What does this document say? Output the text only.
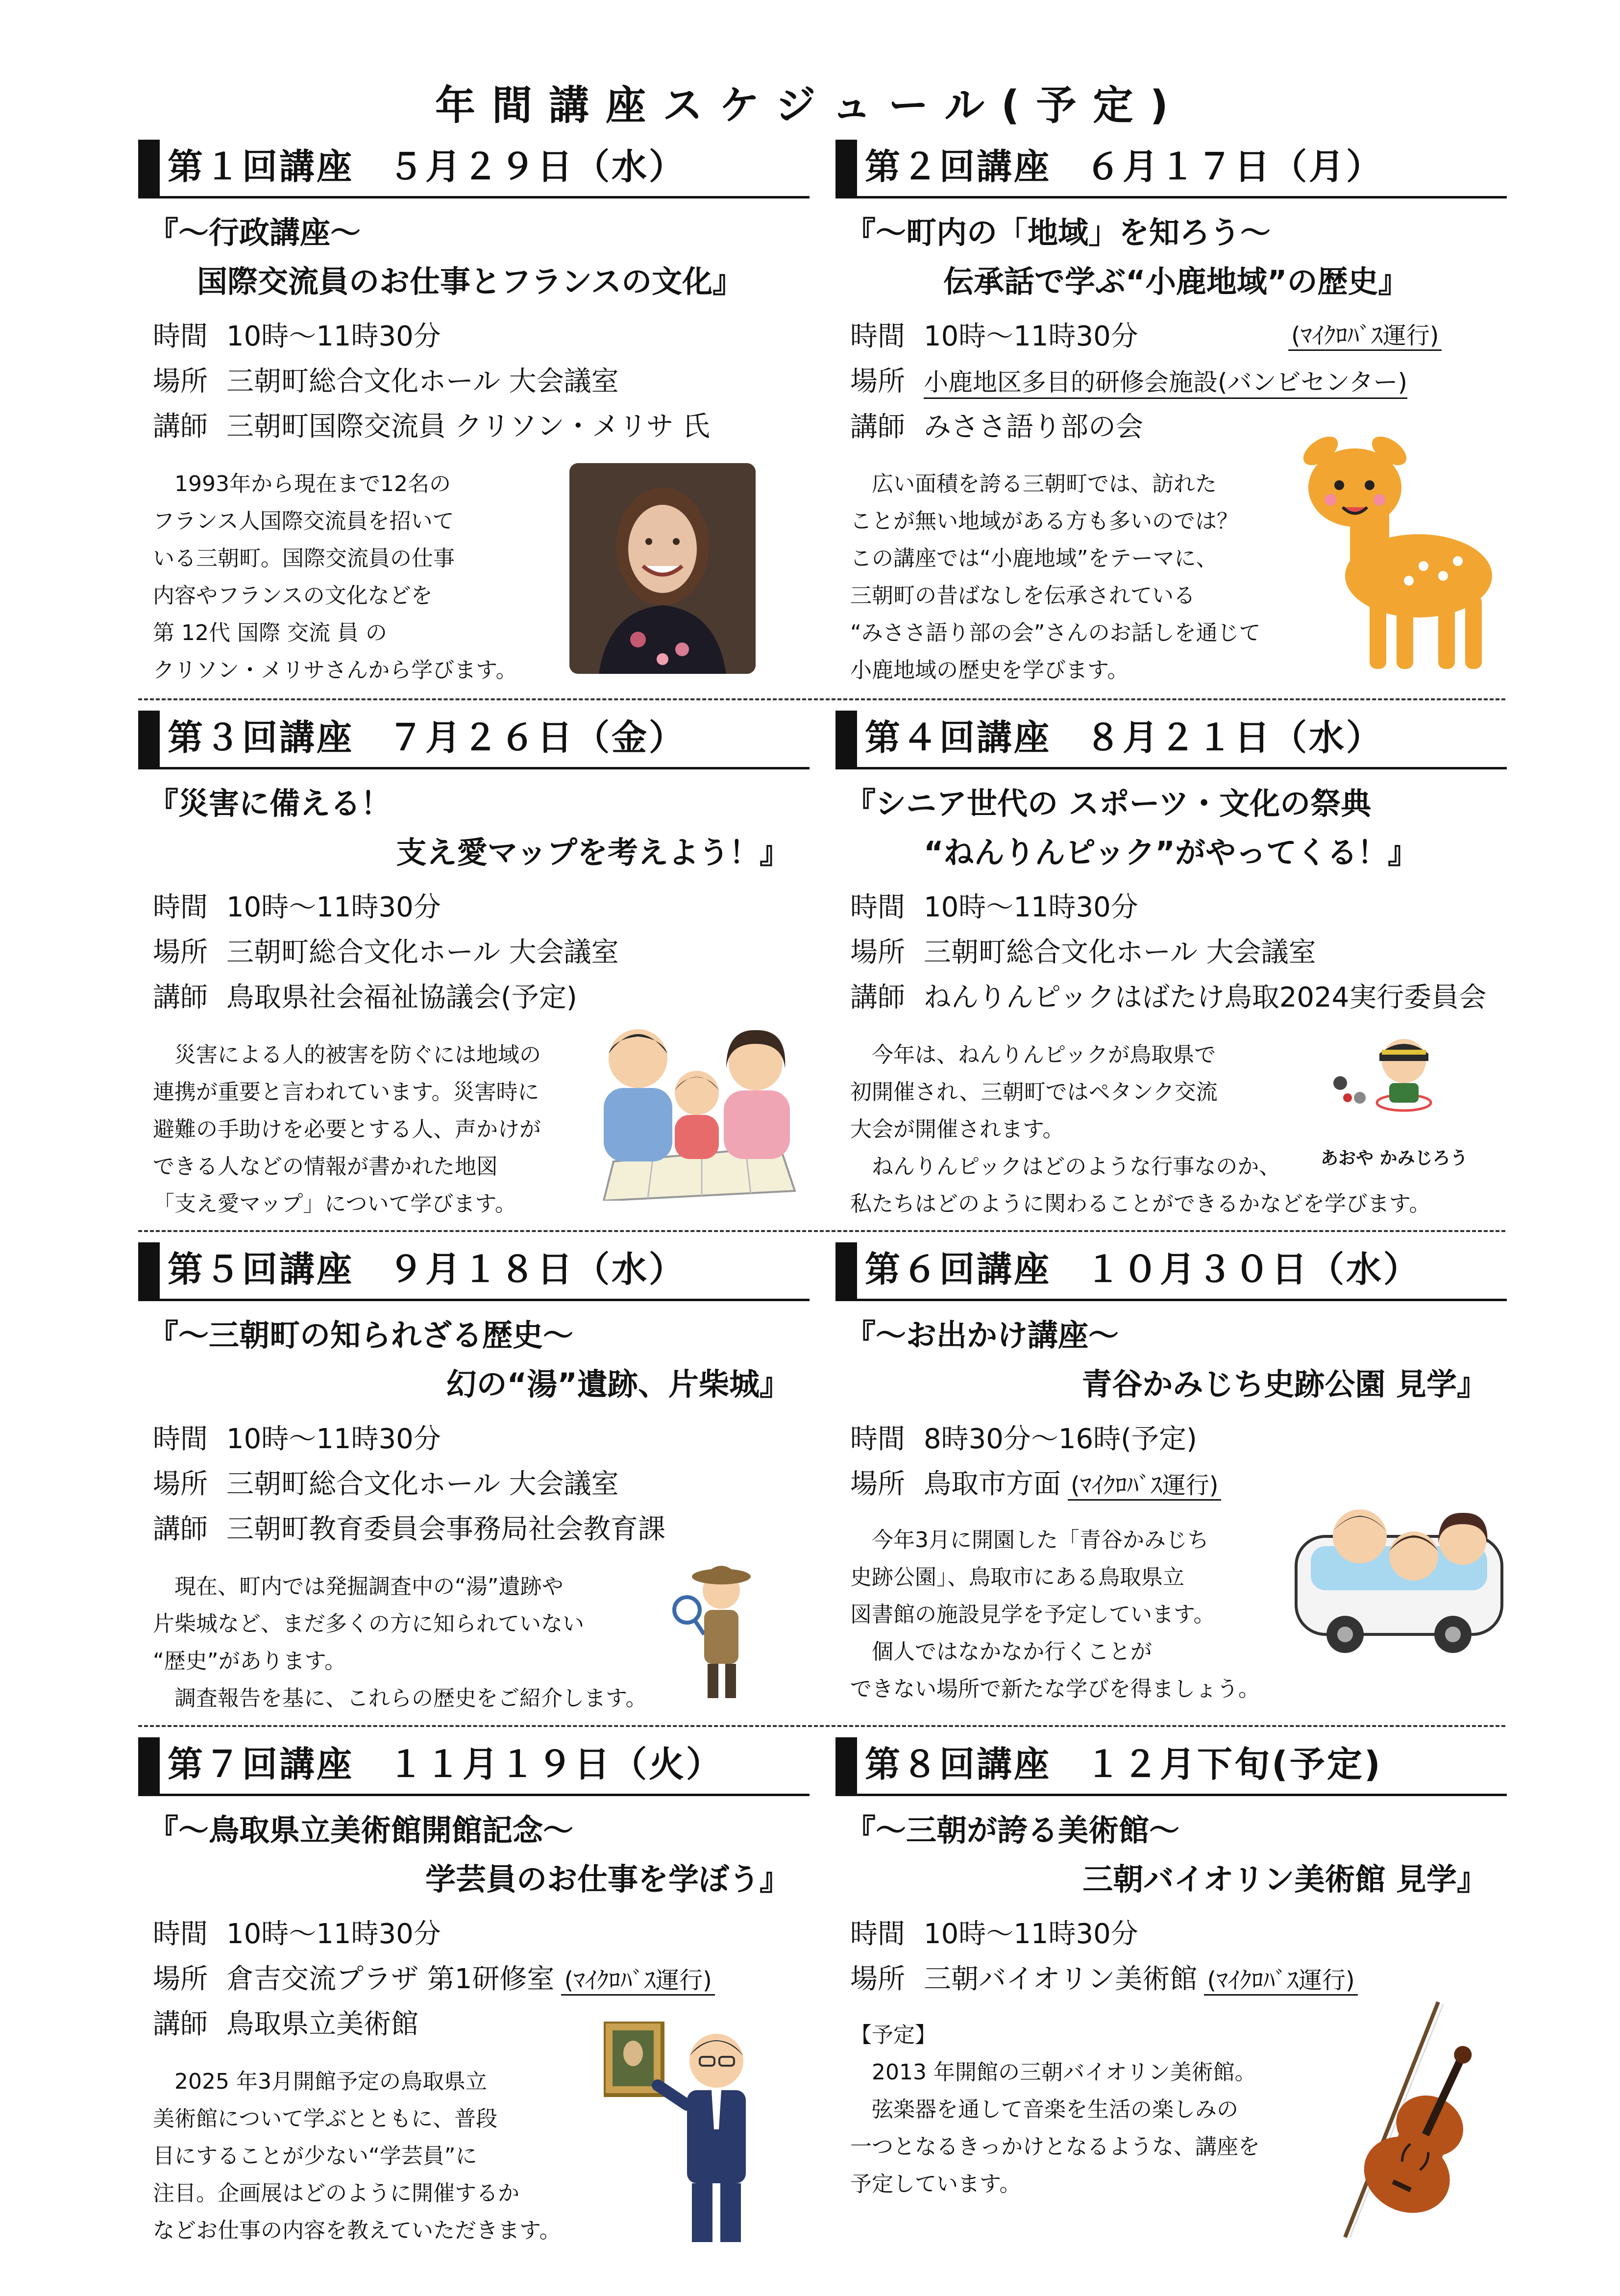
年間講座スケジュール(予定)
第１回講座 ５月２９日（水）
『～行政講座～
国際交流員のお仕事とフランスの文化』
時間 10時～11時30分
場所 三朝町総合文化ホール 大会議室
講師 三朝町国際交流員 クリソン・メリサ 氏
1993年から現在まで12名の
フランス人国際交流員を招いて
いる三朝町。国際交流員の仕事
内容やフランスの文化などを
第 12代 国際 交流 員 の
クリソン・メリサさんから学びます。
第２回講座 ６月１７日（月）
『～町内の「地域」を知ろう～
伝承話で学ぶ“小鹿地域”の歴史』
時間 10時～11時30分	(ﾏｲｸﾛﾊﾞｽ運行)
場所 小鹿地区多目的研修会施設(バンビセンター)
講師 みささ語り部の会
広い面積を誇る三朝町では、訪れた
ことが無い地域がある方も多いのでは？
この講座では“小鹿地域”をテーマに、
三朝町の昔ばなしを伝承されている
“みささ語り部の会”さんのお話しを通じて
小鹿地域の歴史を学びます。
第３回講座 ７月２６日（金）
『災害に備える！
支え愛マップを考えよう！』
時間 10時～11時30分
場所 三朝町総合文化ホール 大会議室
講師 鳥取県社会福祉協議会(予定)
災害による人的被害を防ぐには地域の
連携が重要と言われています。災害時に
避難の手助けを必要とする人、声かけが
できる人などの情報が書かれた地図
「支え愛マップ」について学びます。
第４回講座 ８月２１日（水）
『シニア世代の スポーツ・文化の祭典
“ねんりんピック”がやってくる！』
時間 10時～11時30分
場所 三朝町総合文化ホール 大会議室
講師 ねんりんピックはばたけ鳥取2024実行委員会
今年は、ねんりんピックが鳥取県で
初開催され、三朝町ではペタンク交流
大会が開催されます。
ねんりんピックはどのような行事なのか、
私たちはどのように関わることができるかなどを学びます。
あおや かみじろう
第５回講座 ９月１８日（水）
『～三朝町の知られざる歴史～
幻の“湯”遺跡、片柴城』
時間 10時～11時30分
場所 三朝町総合文化ホール 大会議室
講師 三朝町教育委員会事務局社会教育課
現在、町内では発掘調査中の“湯”遺跡や
片柴城など、まだ多くの方に知られていない
“歴史”があります。
調査報告を基に、これらの歴史をご紹介します。
第６回講座 １０月３０日（水）
『～お出かけ講座～
青谷かみじち史跡公園 見学』
時間 8時30分～16時(予定)
場所 鳥取市方面 (ﾏｲｸﾛﾊﾞｽ運行)
今年3月に開園した「青谷かみじち
史跡公園」、鳥取市にある鳥取県立
図書館の施設見学を予定しています。
個人ではなかなか行くことが
できない場所で新たな学びを得ましょう。
第７回講座 １１月１９日（火）
『～鳥取県立美術館開館記念～
学芸員のお仕事を学ぼう』
時間 10時～11時30分
場所 倉吉交流プラザ 第1研修室 (ﾏｲｸﾛﾊﾞｽ運行)
講師 鳥取県立美術館
2025 年3月開館予定の鳥取県立
美術館について学ぶとともに、普段
目にすることが少ない“学芸員”に
注目。企画展はどのように開催するか
などお仕事の内容を教えていただきます。
第８回講座 １２月下旬(予定)
『～三朝が誇る美術館～
三朝バイオリン美術館 見学』
時間 10時～11時30分
場所 三朝バイオリン美術館 (ﾏｲｸﾛﾊﾞｽ運行)
【予定】
2013 年開館の三朝バイオリン美術館。
弦楽器を通して音楽を生活の楽しみの
一つとなるきっかけとなるような、講座を
予定しています。
